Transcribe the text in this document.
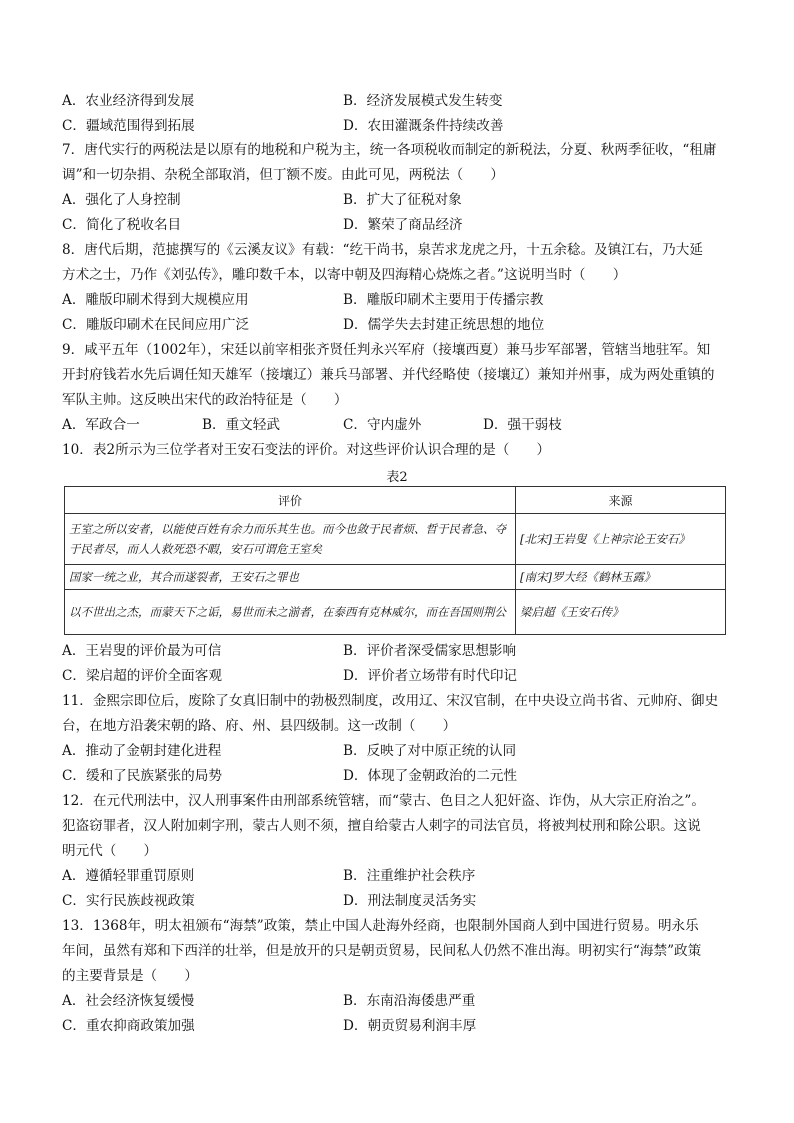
A．农业经济得到发展	B．经济发展模式发生转变
C．疆域范围得到拓展	D．农田灌溉条件持续改善
7．唐代实行的两税法是以原有的地税和户税为主，统一各项税收而制定的新税法，分夏、秋两季征收，“租庸
调”和一切杂捐、杂税全部取消，但丁额不废。由此可见，两税法（　　）
A．强化了人身控制	B．扩大了征税对象
C．简化了税收名目	D．繁荣了商品经济
8．唐代后期，范摅撰写的《云溪友议》有载：“纥干尚书，泉苦求龙虎之丹，十五余稔。及镇江右，乃大延
方术之士，乃作《刘弘传》，雕印数千本，以寄中朝及四海精心烧炼之者。”这说明当时（　　）
A．雕版印刷术得到大规模应用	B．雕版印刷术主要用于传播宗教
C．雕版印刷术在民间应用广泛	D．儒学失去封建正统思想的地位
9．咸平五年（1002年），宋廷以前宰相张齐贤任判永兴军府（接壤西夏）兼马步军部署，管辖当地驻军。知
开封府钱若水先后调任知天雄军（接壤辽）兼兵马部署、并代经略使（接壤辽）兼知并州事，成为两处重镇的
军队主帅。这反映出宋代的政治特征是（　　）
A．军政合一	B．重文轻武	C．守内虚外	D．强干弱枝
10．表2所示为三位学者对王安石变法的评价。对这些评价认识合理的是（　　）
表2
评价	来源

王室之所以安者，以能使百姓有余力而乐其生也。而今也敛于民者烦、哲于民者急、夺于民者尽，而人人救死恐不暇，安石可谓危王室矣	[北宋]王岩叟《上神宗论王安石》

国家一统之业，其合而遂裂者，王安石之罪也	[南宋]罗大经《鹤林玉露》

以不世出之杰，而蒙天下之诟，易世而未之湔者，在泰西有克林威尔，而在吾国则荆公	梁启超《王安石传》
A．王岩叟的评价最为可信	B．评价者深受儒家思想影响
C．梁启超的评价全面客观	D．评价者立场带有时代印记
11．金熙宗即位后，废除了女真旧制中的勃极烈制度，改用辽、宋汉官制，在中央设立尚书省、元帅府、御史
台，在地方沿袭宋朝的路、府、州、县四级制。这一改制（　　）
A．推动了金朝封建化进程	B．反映了对中原正统的认同
C．缓和了民族紧张的局势	D．体现了金朝政治的二元性
12．在元代刑法中，汉人刑事案件由刑部系统管辖，而“蒙古、色目之人犯奸盗、诈伪，从大宗正府治之”。
犯盗窃罪者，汉人附加刺字刑，蒙古人则不须，擅自给蒙古人刺字的司法官员，将被判杖刑和除公职。这说
明元代（　　）
A．遵循轻罪重罚原则	B．注重维护社会秩序
C．实行民族歧视政策	D．刑法制度灵活务实
13．1368年，明太祖颁布“海禁”政策，禁止中国人赴海外经商，也限制外国商人到中国进行贸易。明永乐
年间，虽然有郑和下西洋的壮举，但是放开的只是朝贡贸易，民间私人仍然不准出海。明初实行“海禁”政策
的主要背景是（　　）
A．社会经济恢复缓慢	B．东南沿海倭患严重
C．重农抑商政策加强	D．朝贡贸易利润丰厚
